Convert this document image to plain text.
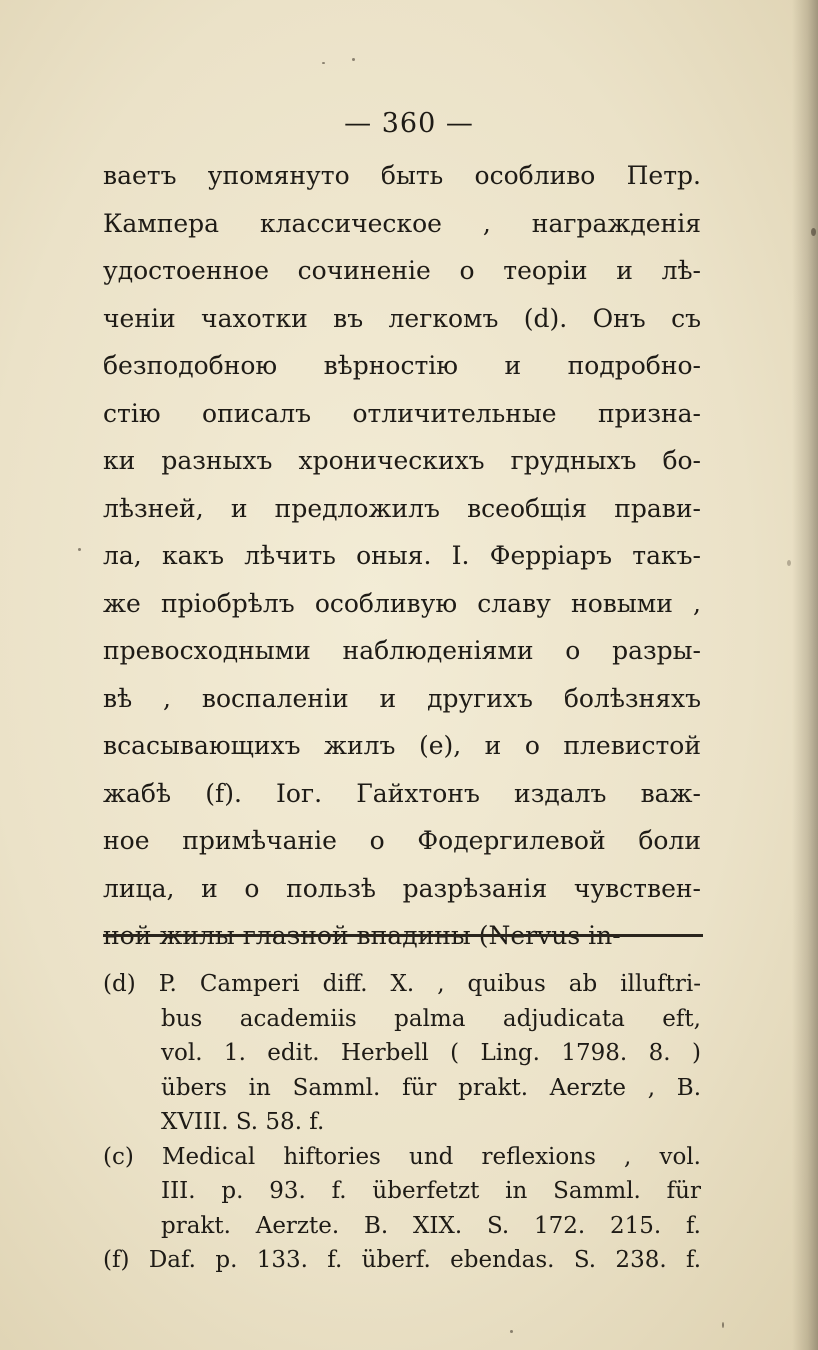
— 360 —
ваетъ упомянуто быть особливо Петр.
Кампера классическое , награжденія
удостоенное сочиненіе о теоріи и лѣ-
ченіи чахотки въ легкомъ (d). Онъ съ
безподобною вѣрностію и подробно-
стію описалъ отличительные призна-
ки разныхъ хроническихъ грудныхъ бо-
лѣзней, и предложилъ всеобщія прави-
ла, какъ лѣчить оныя. І. Ферріаръ такъ-
же пріобрѣлъ особливую славу новыми ,
превосходными наблюденіями о разры-
вѣ , воспаленіи и другихъ болѣзняхъ
всасывающихъ жилъ (e), и о плевистой
жабѣ (f). Іог. Гайхтонъ издалъ важ-
ное примѣчаніе о Фодергилевой боли
лица, и о пользѣ разрѣзанія чувствен-
ной жилы глазной впадины (Nervus in-
(d) P. Camperi diff. X. , quibus ab illuftri-
bus academiis palma adjudicata eft,
vol. 1. edit. Herbell ( Ling. 1798. 8. )
übers in Samml. für prakt. Aerzte , B.
XVIII. S. 58. f.
(c) Medical hiftories und reflexions , vol.
III. p. 93. f. überfetzt in Samml. für
prakt. Aerzte. B. XIX. S. 172. 215. f.
(f) Daf. p. 133. f. überf. ebendas. S. 238. f.
